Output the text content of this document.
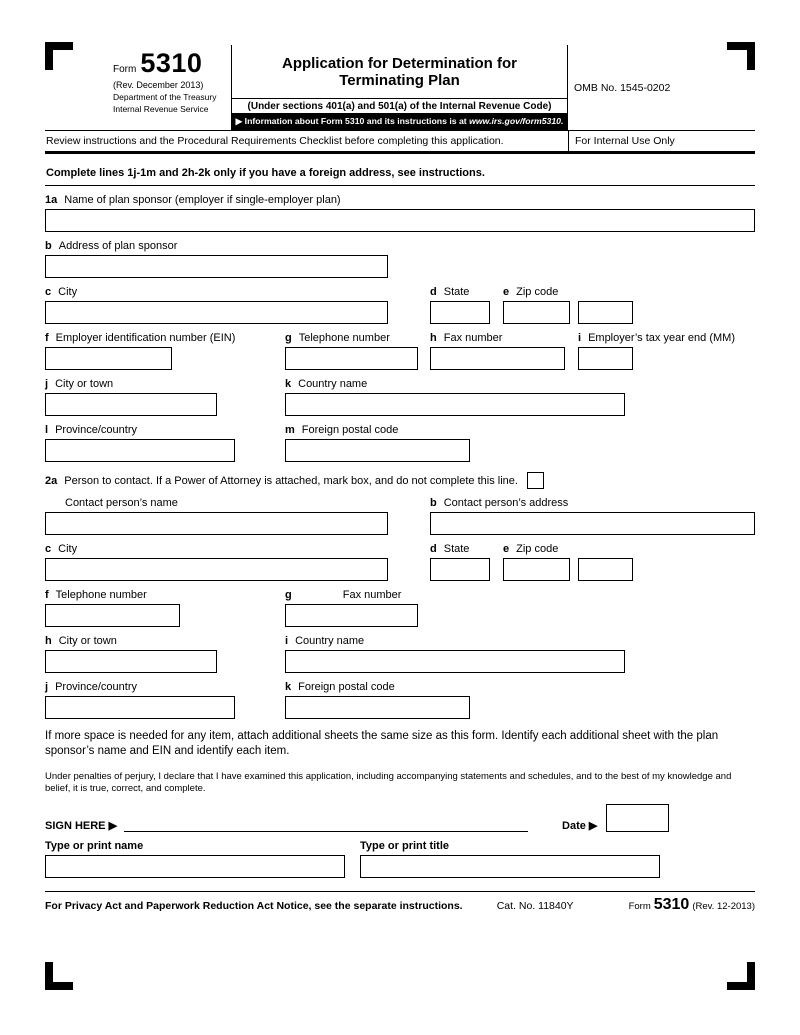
Form 5310
(Rev. December 2013)
Department of the Treasury
Internal Revenue Service
Application for Determination for
Terminating Plan
(Under sections 401(a) and 501(a) of the Internal Revenue Code)
▶ Information about Form 5310 and its instructions is at www.irs.gov/form5310.
OMB No. 1545-0202
Review instructions and the Procedural Requirements Checklist before completing this application.	For Internal Use Only
Complete lines 1j-1m and 2h-2k only if you have a foreign address, see instructions.
1a Name of plan sponsor (employer if single-employer plan)
b Address of plan sponsor
c City	d State	e Zip code
f Employer identification number (EIN)	g Telephone number	h Fax number	i Employer’s tax year end (MM)
j City or town	k Country name
l Province/country	m Foreign postal code
2a Person to contact. If a Power of Attorney is attached, mark box, and do not complete this line.
Contact person’s name	b Contact person’s address
c City	d State	e Zip code
f Telephone number	g	Fax number
h City or town	i Country name
j Province/country	k Foreign postal code
If more space is needed for any item, attach additional sheets the same size as this form. Identify each additional sheet with the plan sponsor’s name and EIN and identify each item.
Under penalties of perjury, I declare that I have examined this application, including accompanying statements and schedules, and to the best of my knowledge and belief, it is true, correct, and complete.
SIGN HERE ▶	Date ▶
Type or print name	Type or print title
For Privacy Act and Paperwork Reduction Act Notice, see the separate instructions.	Cat. No. 11840Y	Form 5310 (Rev. 12-2013)
